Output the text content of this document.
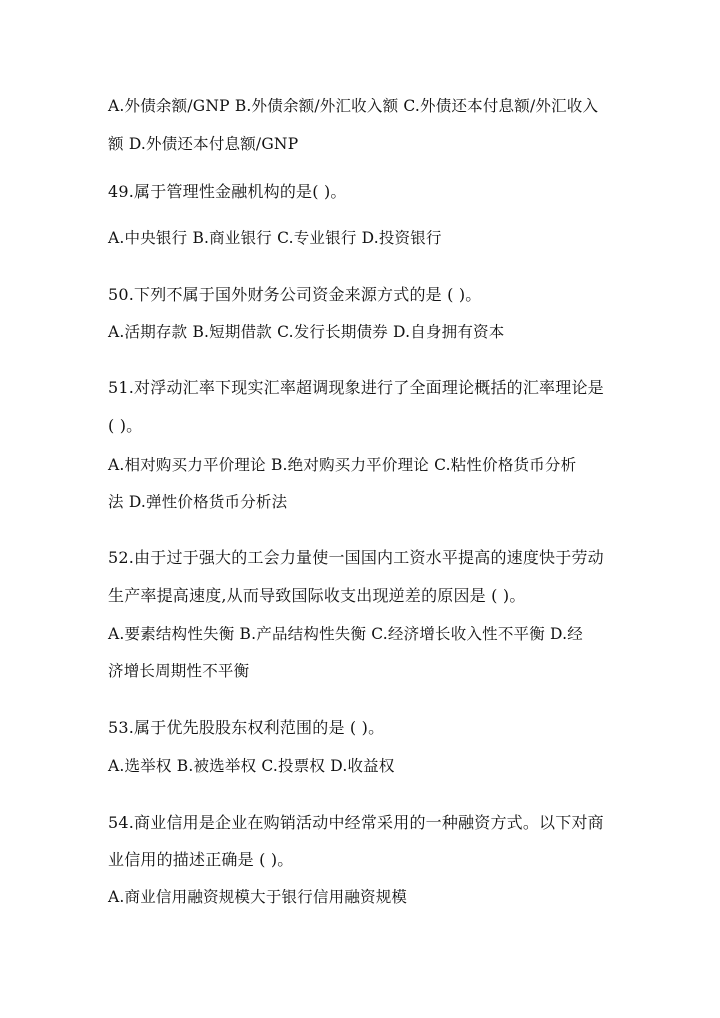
A.外债余额/GNP B.外债余额/外汇收入额 C.外债还本付息额/外汇收入
额 D.外债还本付息额/GNP
49.属于管理性金融机构的是( )。
A.中央银行 B.商业银行 C.专业银行 D.投资银行
50.下列不属于国外财务公司资金来源方式的是 ( )。
A.活期存款 B.短期借款 C.发行长期债券 D.自身拥有资本
51.对浮动汇率下现实汇率超调现象进行了全面理论概括的汇率理论是
( )。
A.相对购买力平价理论 B.绝对购买力平价理论 C.粘性价格货币分析
法 D.弹性价格货币分析法
52.由于过于强大的工会力量使一国国内工资水平提高的速度快于劳动
生产率提高速度,从而导致国际收支出现逆差的原因是 ( )。
A.要素结构性失衡 B.产品结构性失衡 C.经济增长收入性不平衡 D.经
济增长周期性不平衡
53.属于优先股股东权利范围的是 ( )。
A.选举权 B.被选举权 C.投票权 D.收益权
54.商业信用是企业在购销活动中经常采用的一种融资方式。以下对商
业信用的描述正确是 ( )。
A.商业信用融资规模大于银行信用融资规模
